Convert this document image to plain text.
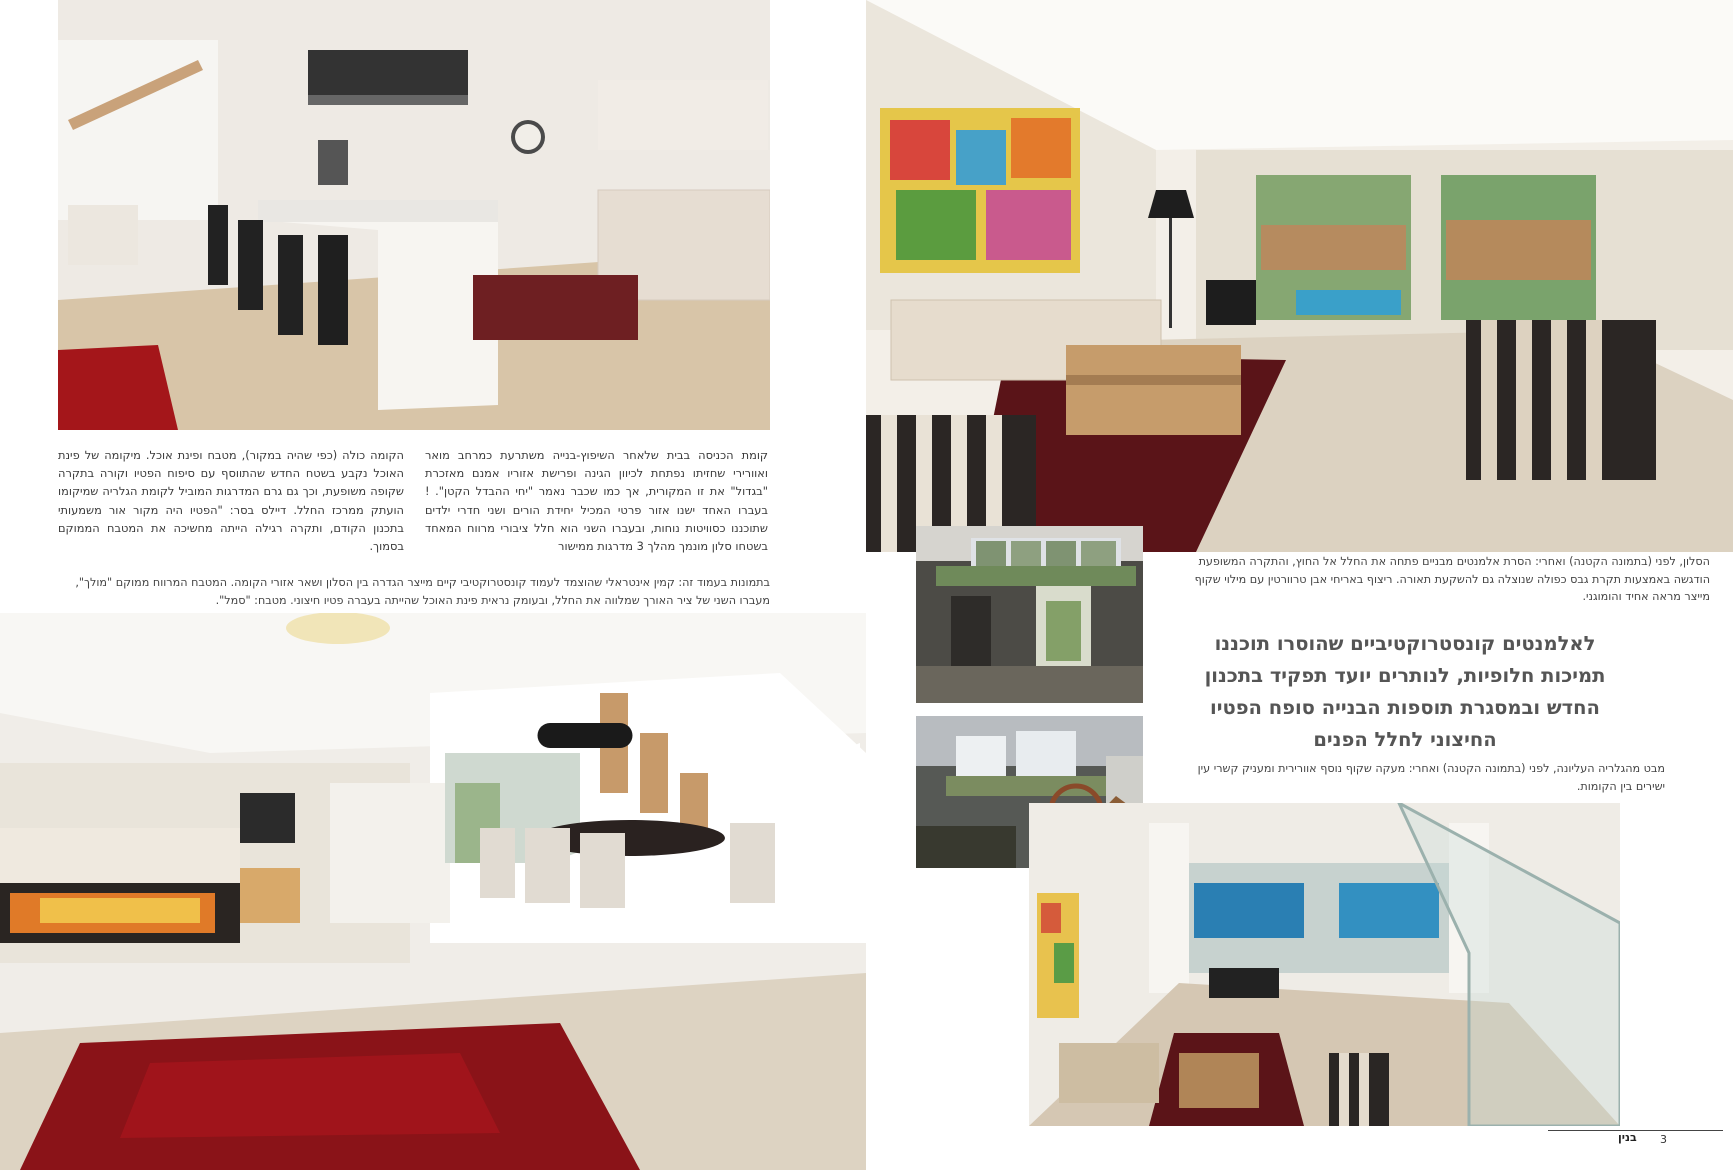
הקומה כולה (כפי שהיה במקור), מטבח ופינת אוכל. מיקומה של פינת האוכל נקבע בשטח החדש שהתווסף עם סיפוח הפטיו וקורה בתקרה שקופה משופעת, וכך גם גרם המדרגות המוביל לקומת הגלריה שמיקומו הועתק ממרכז החלל. דיילס בסר: "הפטיו היה מקור אור משמעותי בתכנון הקודם, ותקרה רגילה הייתה מחשיכה את המטבח הממוקם בסמוך.

קומת הכניסה בבית שלאחר השיפוץ-בנייה משתרעת כמרחב מואר ואוורירי שחזיתו נפתחת לכיוון הגינה ופרישת אזוריו אמנם מאזכרת "בגדול" את זו המקורית, אך כמו שכבר נאמר "יחי ההבדל הקטן". ! בעברו האחד ישנו אזור פרטי המכיל יחידת הורים ושני חדרי ילדים שתוכננו כסוויטות נוחות, ובעברו השני הוא חלל ציבורי מרווח המאחד בשטחו סלון מונמך מהלך 3 מדרגות ממישור

בתמונות בעמוד זה: קמין אינטראלי שהוצמד לעמוד קונסטרוקטיבי קיים מייצר הגדרה בין הסלון ושאר אזורי הקומה. המטבח המרווח ממוקם "מולך", מעברו השני של ציר האורך שמלווה את החלל, ובעומק נראית פינת האוכל שהייתה בעברה פטיו חיצוני. מטבח: "סמל".

הסלון, לפני (בתמונה הקטנה) ואחרי: הסרת אלמנטים מבניים פתחה את החלל אל החוץ, והתקרה המשופעת הודגשה באמצעות תקרת גבס כפולה שנוצלה גם להשקעת תאורה. ריצוף באריחי אבן טרוורטין עם מילוי שקוף מייצר מראה אחיד והומוגני.

לאלמנטים קונסטרוקטיביים שהוסרו תוכננו תמיכות חלופיות, לנותרים יועד תפקיד בתכנון החדש ובמסגרת תוספות הבנייה סופח הפטיו החיצוני לחלל הפנים

מבט מהגלריה העליונה, לפני (בתמונה הקטנה) ואחרי: מעקה שקוף נוסף אוורירית ומעניק קשרי עין ישירים בין הקומות.

בנין 3
